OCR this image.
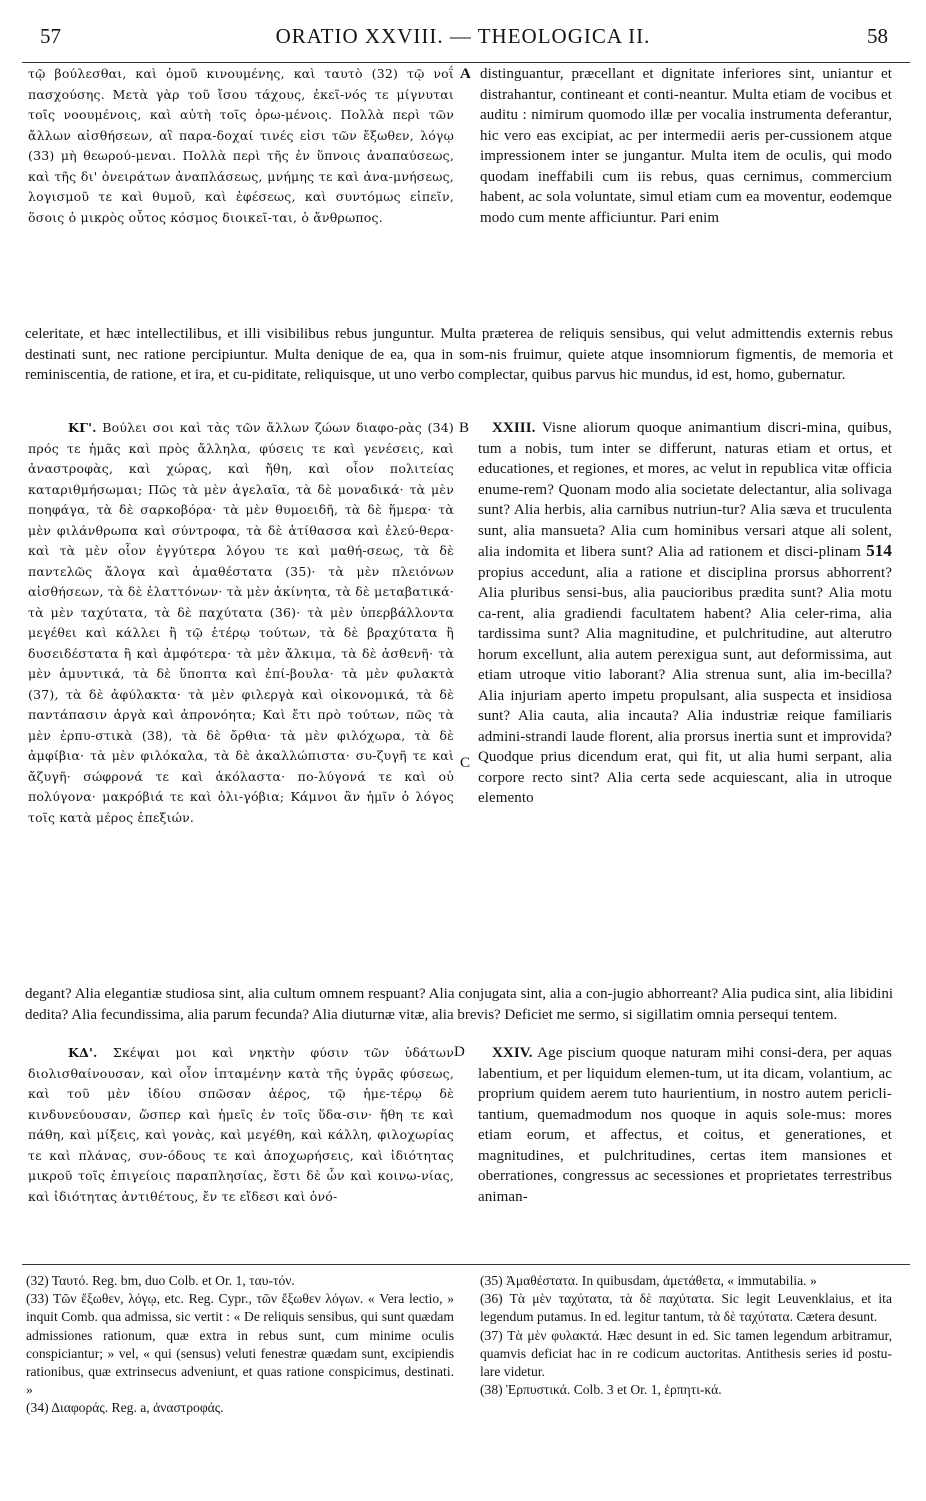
57	ORATIO XXVIII. — THEOLOGICA II.	58

τῷ βούλεσθαι, καὶ ὁμοῦ κινουμένης, καὶ ταυτὸ (32) τῷ νοΐ πασχούσης. Μετὰ γὰρ τοῦ ἴσου τάχους, ἐκεῖ-νός τε μίγνυται τοῖς νοουμένοις, καὶ αὐτὴ τοῖς ὁρω-μένοις. Πολλὰ περὶ τῶν ἄλλων αἰσθήσεων, αἳ παρα-δοχαί τινές εἰσι τῶν ἔξωθεν, λόγῳ (33) μὴ θεωρού-μεναι. Πολλὰ περὶ τῆς ἐν ὕπνοις ἀναπαύσεως, καὶ τῆς δι' ὀνειράτων ἀναπλάσεως, μνήμης τε καὶ ἀνα-μνήσεως, λογισμοῦ τε καὶ θυμοῦ, καὶ ἐφέσεως, καὶ συντόμως εἰπεῖν, ὅσοις ὁ μικρὸς οὗτος κόσμος διοικεῖ-ται, ὁ ἄνθρωπος.

A distinguantur, præcellant et dignitate inferiores sint, uniantur et distrahantur, contineant et conti-neantur. Multa etiam de vocibus et auditu : nimirum quomodo illæ per vocalia instrumenta deferantur, hic vero eas excipiat, ac per intermedii aeris per-cussionem atque impressionem inter se jungantur. Multa item de oculis, qui modo quodam ineffabili cum iis rebus, quas cernimus, commercium habent, ac sola voluntate, simul etiam cum ea moventur, eodemque modo cum mente afficiuntur. Pari enim

celeritate, et hæc intellectilibus, et illi visibilibus rebus junguntur. Multa præterea de reliquis sensibus, qui velut admittendis externis rebus destinati sunt, nec ratione percipiuntur. Multa denique de ea, qua in som-nis fruimur, quiete atque insomniorum figmentis, de memoria et reminiscentia, de ratione, et ira, et cu-piditate, reliquisque, ut uno verbo complectar, quibus parvus hic mundus, id est, homo, gubernatur.

ΚΓ'. Βούλει σοι καὶ τὰς τῶν ἄλλων ζώων διαφο-ρὰς (34) πρός τε ἡμᾶς καὶ πρὸς ἄλληλα, φύσεις τε καὶ γενέσεις, καὶ ἀναστροφὰς, καὶ χώρας, καὶ ἤθη, καὶ οἷον πολιτείας καταριθμήσωμαι; Πῶς τὰ μὲν ἀγελαῖα, τὰ δὲ μοναδικά· τὰ μὲν ποηφάγα, τὰ δὲ σαρκοβόρα· τὰ μὲν θυμοειδῆ, τὰ δὲ ἥμερα· τὰ μὲν φιλάνθρωπα καὶ σύντροφα, τὰ δὲ ἀτίθασσα καὶ ἐλεύ-θερα· καὶ τὰ μὲν οἷον ἐγγύτερα λόγου τε καὶ μαθή-σεως, τὰ δὲ παντελῶς ἄλογα καὶ ἀμαθέστατα (35)· τὰ μὲν πλειόνων αἰσθήσεων, τὰ δὲ ἐλαττόνων· τὰ μὲν ἀκίνητα, τὰ δὲ μεταβατικά· τὰ μὲν ταχύτατα, τὰ δὲ παχύτατα (36)· τὰ μὲν ὑπερβάλλοντα μεγέθει καὶ κάλλει ἢ τῷ ἑτέρῳ τούτων, τὰ δὲ βραχύτατα ἢ δυσειδέστατα ἢ καὶ ἀμφότερα· τὰ μὲν ἄλκιμα, τὰ δὲ ἀσθενῆ· τὰ μὲν ἀμυντικά, τὰ δὲ ὕποπτα καὶ ἐπί-βουλα· τὰ μὲν φυλακτὰ (37), τὰ δὲ ἀφύλακτα· τὰ μὲν φιλεργὰ καὶ οἰκονομικά, τὰ δὲ παντάπασιν ἀργὰ καὶ ἀπρονόητα; Καὶ ἔτι πρὸ τούτων, πῶς τὰ μὲν ἑρπυ-στικὰ (38), τὰ δὲ ὄρθια· τὰ μὲν φιλόχωρα, τὰ δὲ ἀμφίβια· τὰ μὲν φιλόκαλα, τὰ δὲ ἀκαλλώπιστα· συ-ζυγῆ τε καὶ ἄζυγῆ· σώφρονά τε καὶ ἀκόλαστα· πο-λύγονά τε καὶ οὐ πολύγονα· μακρόβιά τε καὶ ὀλι-γόβια; Κάμνοι ἂν ἡμῖν ὁ λόγος τοῖς κατὰ μέρος ἐπεξιών.

B
C

XXIII. Visne aliorum quoque animantium discri-mina, quibus, tum a nobis, tum inter se differunt, naturas etiam et ortus, et educationes, et regiones, et mores, ac velut in republica vitæ officia enume-rem? Quonam modo alia societate delectantur, alia solivaga sunt? Alia herbis, alia carnibus nutriun-tur? Alia sæva et truculenta sunt, alia mansueta? Alia cum hominibus versari atque ali solent, alia indomita et libera sunt? Alia ad rationem et disci-plinam 514 propius accedunt, alia a ratione et disciplina prorsus abhorrent? Alia pluribus sensi-bus, alia paucioribus prædita sunt? Alia motu ca-rent, alia gradiendi facultatem habent? Alia celer-rima, alia tardissima sunt? Alia magnitudine, et pulchritudine, aut alterutro horum excellunt, alia autem perexigua sunt, aut deformissima, aut etiam utroque vitio laborant? Alia strenua sunt, alia im-becilla? Alia injuriam aperto impetu propulsant, alia suspecta et insidiosa sunt? Alia cauta, alia incauta? Alia industriæ reique familiaris admini-strandi laude florent, alia prorsus inertia sunt et improvida? Quodque prius dicendum erat, qui fit, ut alia humi serpant, alia corpore recto sint? Alia certa sede acquiescant, alia in utroque elemento

degant? Alia elegantiæ studiosa sint, alia cultum omnem respuant? Alia conjugata sint, alia a con-jugio abhorreant? Alia pudica sint, alia libidini dedita? Alia fecundissima, alia parum fecunda? Alia diuturnæ vitæ, alia brevis? Deficiet me sermo, si sigillatim omnia persequi tentem.

ΚΔ'. Σκέψαι μοι καὶ νηκτὴν φύσιν τῶν ὑδάτων διολισθαίνουσαν, καὶ οἷον ἱπταμένην κατὰ τῆς ὑγρᾶς φύσεως, καὶ τοῦ μὲν ἰδίου σπῶσαν ἀέρος, τῷ ἡμε-τέρῳ δὲ κινδυνεύουσαν, ὥσπερ καὶ ἡμεῖς ἐν τοῖς ὕδα-σιν· ἤθη τε καὶ πάθη, καὶ μίξεις, καὶ γονὰς, καὶ μεγέθη, καὶ κάλλη, φιλοχωρίας τε καὶ πλάνας, συν-όδους τε καὶ ἀποχωρήσεις, καὶ ἰδιότητας μικροῦ τοῖς ἐπιγείοις παραπλησίας, ἔστι δὲ ὧν καὶ κοινω-νίας, καὶ ἰδιότητας ἀντιθέτους, ἔν τε εἴδεσι καὶ ὀνό-

D	XXIV. Age piscium quoque naturam mihi consi-dera, per aquas labentium, et per liquidum elemen-tum, ut ita dicam, volantium, ac proprium quidem aerem tuto haurientium, in nostro autem pericli-tantium, quemadmodum nos quoque in aquis sole-mus: mores etiam eorum, et affectus, et coitus, et generationes, et magnitudines, et pulchritudines, certas item mansiones et oberrationes, congressus ac secessiones et proprietates terrestribus animan-

(32) Ταυτό. Reg. bm, duo Colb. et Or. 1, ταυ-τόν.

(33) Τῶν ἔξωθεν, λόγῳ, etc. Reg. Cypr., τῶν ἔξωθεν λόγων. « Vera lectio, » inquit Comb. qua admissa, sic vertit : « De reliquis sensibus, qui sunt quædam admissiones rationum, quæ extra in rebus sunt, cum minime oculis conspiciantur; » vel, « qui (sensus) veluti fenestræ quædam sunt, excipiendis rationibus, quæ extrinsecus adveniunt, et quas ratione conspicimus, destinati. »

(34) Διαφοράς. Reg. a, ἀναστροφάς.

(35) Ἀμαθέστατα. In quibusdam, ἀμετάθετα, « immutabilia. »

(36) Τὰ μὲν ταχύτατα, τὰ δὲ παχύτατα. Sic legit Leuvenklaius, et ita legendum putamus. In ed. legitur tantum, τὰ δὲ ταχύτατα. Cætera desunt.

(37) Τὰ μὲν φυλακτά. Hæc desunt in ed. Sic tamen legendum arbitramur, quamvis deficiat hac in re codicum auctoritas. Antithesis series id postu-lare videtur.

(38) Ἑρπυστικά. Colb. 3 et Or. 1, ἑρπητι-κά.
